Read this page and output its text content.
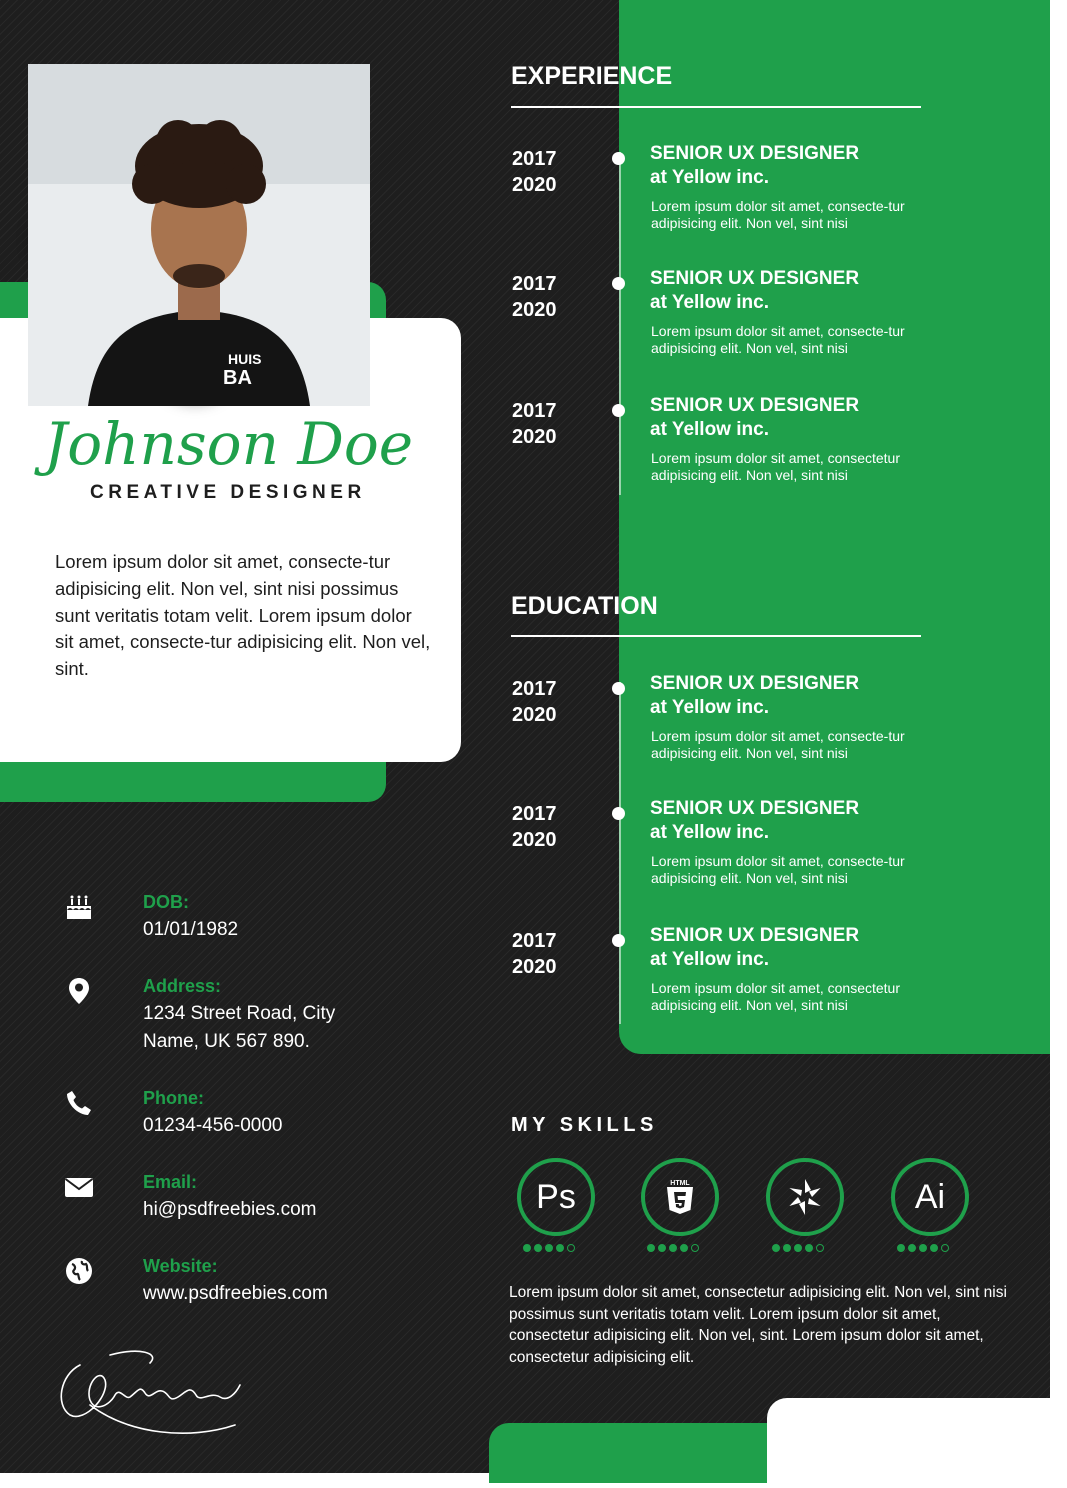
HUIS
BA
Johnson Doe
CREATIVE DESIGNER
Lorem ipsum dolor sit amet, consecte-tur adipisicing elit. Non vel, sint nisi possimus sunt veritatis totam velit. Lorem ipsum dolor sit amet, consecte-tur adipisicing elit. Non vel, sint.
EXPERIENCE
2017
2020
SENIOR UX DESIGNER
at Yellow inc.
Lorem ipsum dolor sit amet, consecte-tur adipisicing elit. Non vel, sint nisi
2017
2020
SENIOR UX DESIGNER
at Yellow inc.
Lorem ipsum dolor sit amet, consecte-tur adipisicing elit. Non vel, sint nisi
2017
2020
SENIOR UX DESIGNER
at Yellow inc.
Lorem ipsum dolor sit amet, consectetur adipisicing elit. Non vel, sint nisi
EDUCATION
2017
2020
SENIOR UX DESIGNER
at Yellow inc.
Lorem ipsum dolor sit amet, consecte-tur adipisicing elit. Non vel, sint nisi
2017
2020
SENIOR UX DESIGNER
at Yellow inc.
Lorem ipsum dolor sit amet, consecte-tur adipisicing elit. Non vel, sint nisi
2017
2020
SENIOR UX DESIGNER
at Yellow inc.
Lorem ipsum dolor sit amet, consectetur adipisicing elit. Non vel, sint nisi
DOB:
01/01/1982
Address:
1234 Street Road, City Name, UK 567 890.
Phone:
01234-456-0000
Email:
hi@psdfreebies.com
Website:
www.psdfreebies.com
MY SKILLS
Ps	HTML	Ai
Lorem ipsum dolor sit amet, consectetur adipisicing elit. Non vel, sint nisi possimus sunt veritatis totam velit. Lorem ipsum dolor sit amet, consectetur adipisicing elit. Non vel, sint. Lorem ipsum dolor sit amet, consectetur adipisicing elit.
